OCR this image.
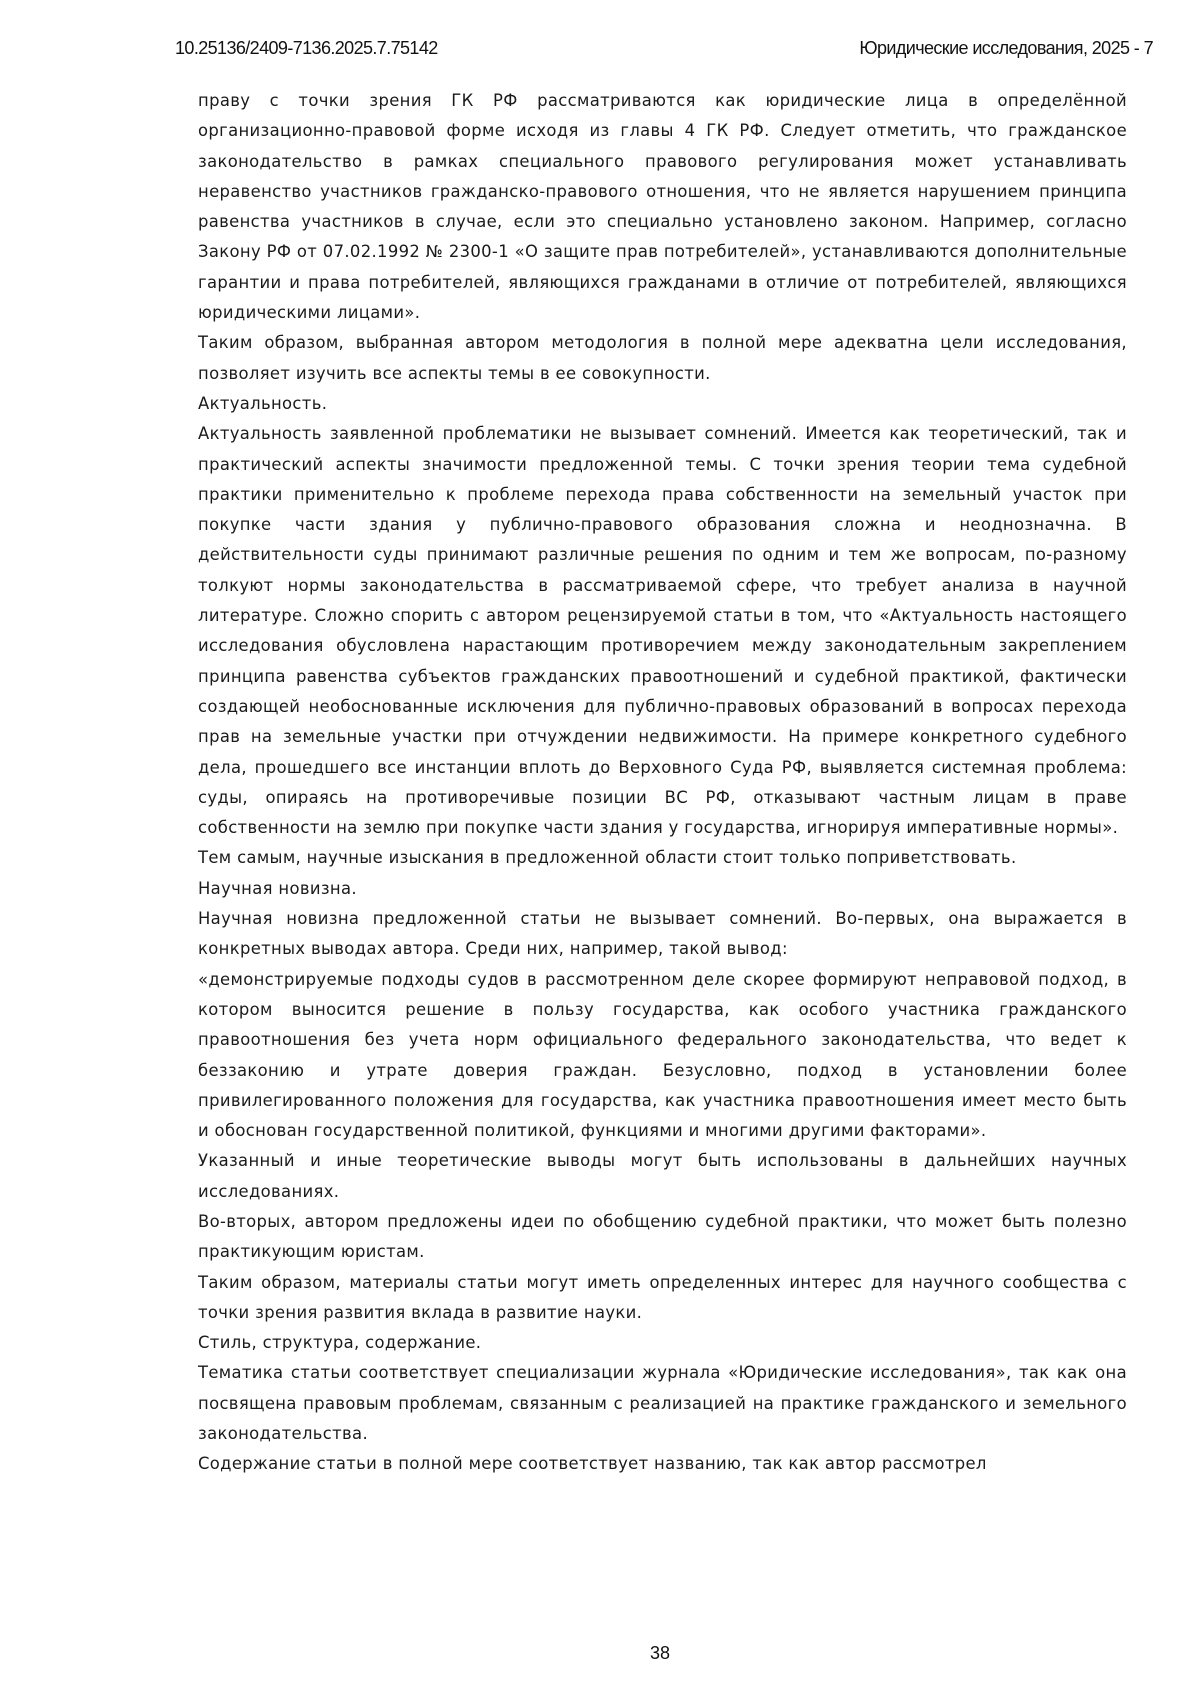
10.25136/2409-7136.2025.7.75142	Юридические исследования, 2025 - 7

праву с точки зрения ГК РФ рассматриваются как юридические лица в определённой организационно-правовой форме исходя из главы 4 ГК РФ. Следует отметить, что гражданское законодательство в рамках специального правового регулирования может устанавливать неравенство участников гражданско-правового отношения, что не является нарушением принципа равенства участников в случае, если это специально установлено законом. Например, согласно Закону РФ от 07.02.1992 № 2300-1 «О защите прав потребителей», устанавливаются дополнительные гарантии и права потребителей, являющихся гражданами в отличие от потребителей, являющихся юридическими лицами».

Таким образом, выбранная автором методология в полной мере адекватна цели исследования, позволяет изучить все аспекты темы в ее совокупности.

Актуальность.

Актуальность заявленной проблематики не вызывает сомнений. Имеется как теоретический, так и практический аспекты значимости предложенной темы. С точки зрения теории тема судебной практики применительно к проблеме перехода права собственности на земельный участок при покупке части здания у публично-правового образования сложна и неоднозначна. В действительности суды принимают различные решения по одним и тем же вопросам, по-разному толкуют нормы законодательства в рассматриваемой сфере, что требует анализа в научной литературе. Сложно спорить с автором рецензируемой статьи в том, что «Актуальность настоящего исследования обусловлена нарастающим противоречием между законодательным закреплением принципа равенства субъектов гражданских правоотношений и судебной практикой, фактически создающей необоснованные исключения для публично-правовых образований в вопросах перехода прав на земельные участки при отчуждении недвижимости. На примере конкретного судебного дела, прошедшего все инстанции вплоть до Верховного Суда РФ, выявляется системная проблема: суды, опираясь на противоречивые позиции ВС РФ, отказывают частным лицам в праве собственности на землю при покупке части здания у государства, игнорируя императивные нормы».

Тем самым, научные изыскания в предложенной области стоит только поприветствовать.

Научная новизна.

Научная новизна предложенной статьи не вызывает сомнений. Во-первых, она выражается в конкретных выводах автора. Среди них, например, такой вывод:

«демонстрируемые подходы судов в рассмотренном деле скорее формируют неправовой подход, в котором выносится решение в пользу государства, как особого участника гражданского правоотношения без учета норм официального федерального законодательства, что ведет к беззаконию и утрате доверия граждан. Безусловно, подход в установлении более привилегированного положения для государства, как участника правоотношения имеет место быть и обоснован государственной политикой, функциями и многими другими факторами».

Указанный и иные теоретические выводы могут быть использованы в дальнейших научных исследованиях.

Во-вторых, автором предложены идеи по обобщению судебной практики, что может быть полезно практикующим юристам.

Таким образом, материалы статьи могут иметь определенных интерес для научного сообщества с точки зрения развития вклада в развитие науки.

Стиль, структура, содержание.

Тематика статьи соответствует специализации журнала «Юридические исследования», так как она посвящена правовым проблемам, связанным с реализацией на практике гражданского и земельного законодательства.

Содержание статьи в полной мере соответствует названию, так как автор рассмотрел

38
